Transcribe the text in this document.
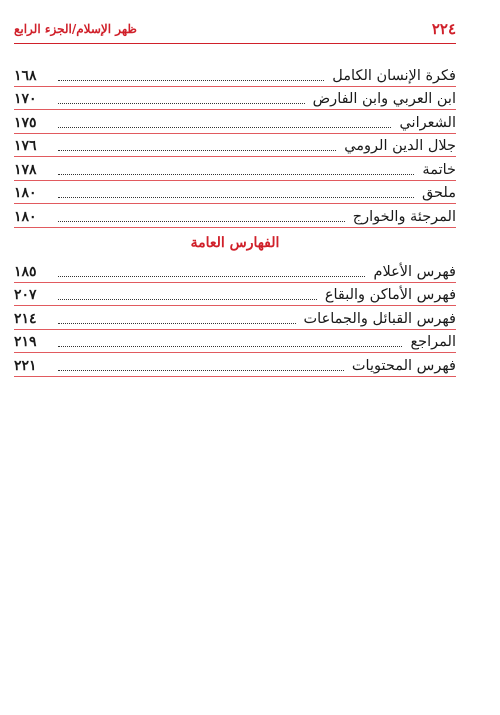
٢٢٤
ظهر الإسلام/الجزء الرابع
فكرة الإنسان الكامل
١٦٨
ابن العربي وابن الفارض
١٧٠
الشعراني
١٧٥
جلال الدين الرومي
١٧٦
خاتمة
١٧٨
ملحق
١٨٠
المرجئة والخوارج
١٨٠
الفهارس العامة
فهرس الأعلام
١٨٥
فهرس الأماكن والبقاع
٢٠٧
فهرس القبائل والجماعات
٢١٤
المراجع
٢١٩
فهرس المحتويات
٢٢١
